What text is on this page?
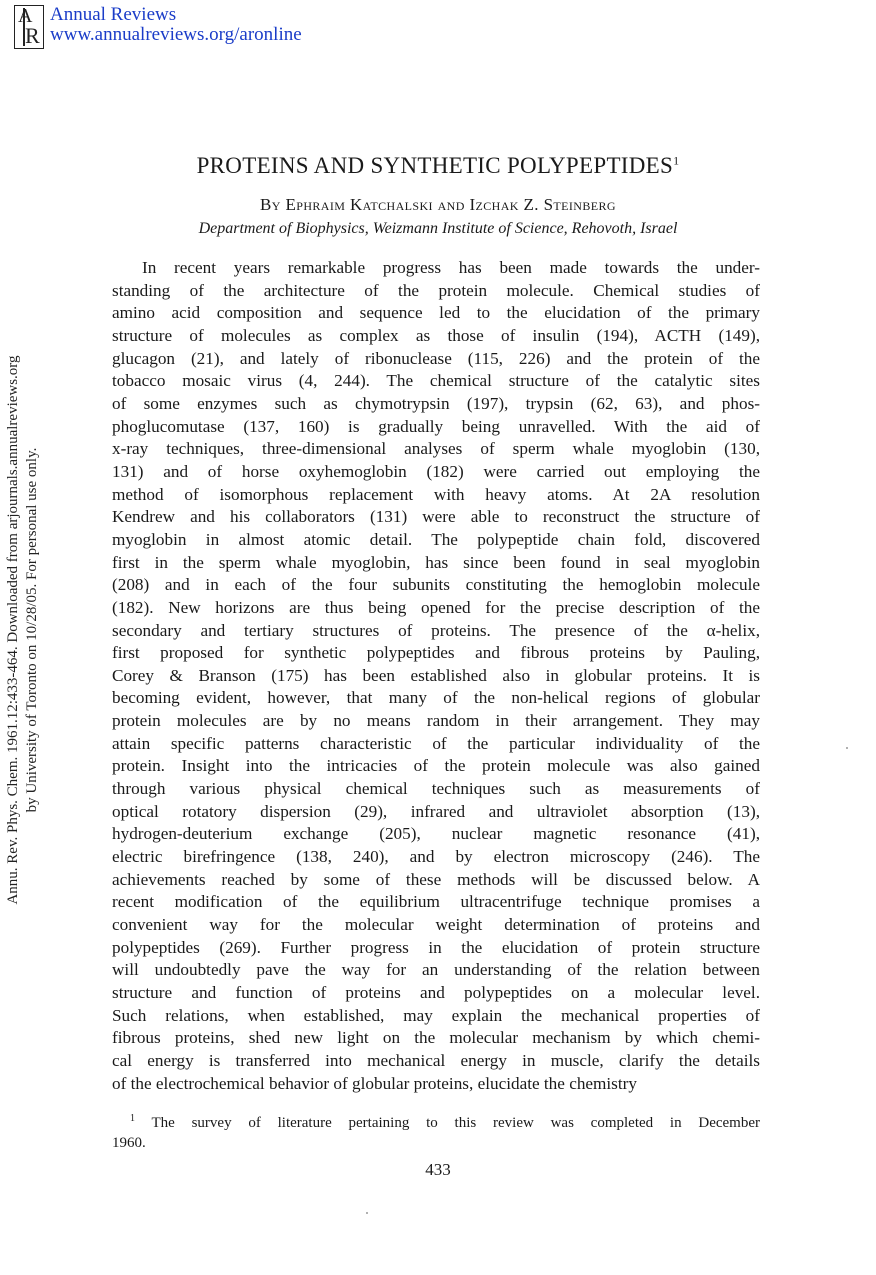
A
R
Annual Reviews
www.annualreviews.org/aronline
Annu. Rev. Phys. Chem. 1961.12:433-464. Downloaded from arjournals.annualreviews.org by University of Toronto on 10/28/05. For personal use only.
PROTEINS AND SYNTHETIC POLYPEPTIDES$^1$
By Ephraim Katchalski and Izchak Z. Steinberg
Department of Biophysics, Weizmann Institute of Science, Rehovoth, Israel
In recent years remarkable progress has been made towards the under-
standing of the architecture of the protein molecule. Chemical studies of
amino acid composition and sequence led to the elucidation of the primary
structure of molecules as complex as those of insulin (194), ACTH (149),
glucagon (21), and lately of ribonuclease (115, 226) and the protein of the
tobacco mosaic virus (4, 244). The chemical structure of the catalytic sites
of some enzymes such as chymotrypsin (197), trypsin (62, 63), and phos-
phoglucomutase (137, 160) is gradually being unravelled. With the aid of
x-ray techniques, three-dimensional analyses of sperm whale myoglobin (130,
131) and of horse oxyhemoglobin (182) were carried out employing the
method of isomorphous replacement with heavy atoms. At 2A resolution
Kendrew and his collaborators (131) were able to reconstruct the structure of
myoglobin in almost atomic detail. The polypeptide chain fold, discovered
first in the sperm whale myoglobin, has since been found in seal myoglobin
(208) and in each of the four subunits constituting the hemoglobin molecule
(182). New horizons are thus being opened for the precise description of the
secondary and tertiary structures of proteins. The presence of the α-helix,
first proposed for synthetic polypeptides and fibrous proteins by Pauling,
Corey & Branson (175) has been established also in globular proteins. It is
becoming evident, however, that many of the non-helical regions of globular
protein molecules are by no means random in their arrangement. They may
attain specific patterns characteristic of the particular individuality of the
protein. Insight into the intricacies of the protein molecule was also gained
through various physical chemical techniques such as measurements of
optical rotatory dispersion (29), infrared and ultraviolet absorption (13),
hydrogen-deuterium exchange (205), nuclear magnetic resonance (41),
electric birefringence (138, 240), and by electron microscopy (246). The
achievements reached by some of these methods will be discussed below. A
recent modification of the equilibrium ultracentrifuge technique promises a
convenient way for the molecular weight determination of proteins and
polypeptides (269). Further progress in the elucidation of protein structure
will undoubtedly pave the way for an understanding of the relation between
structure and function of proteins and polypeptides on a molecular level.
Such relations, when established, may explain the mechanical properties of
fibrous proteins, shed new light on the molecular mechanism by which chemi-
cal energy is transferred into mechanical energy in muscle, clarify the details
of the electrochemical behavior of globular proteins, elucidate the chemistry
$^1$ The survey of literature pertaining to this review was completed in December
1960.
433
